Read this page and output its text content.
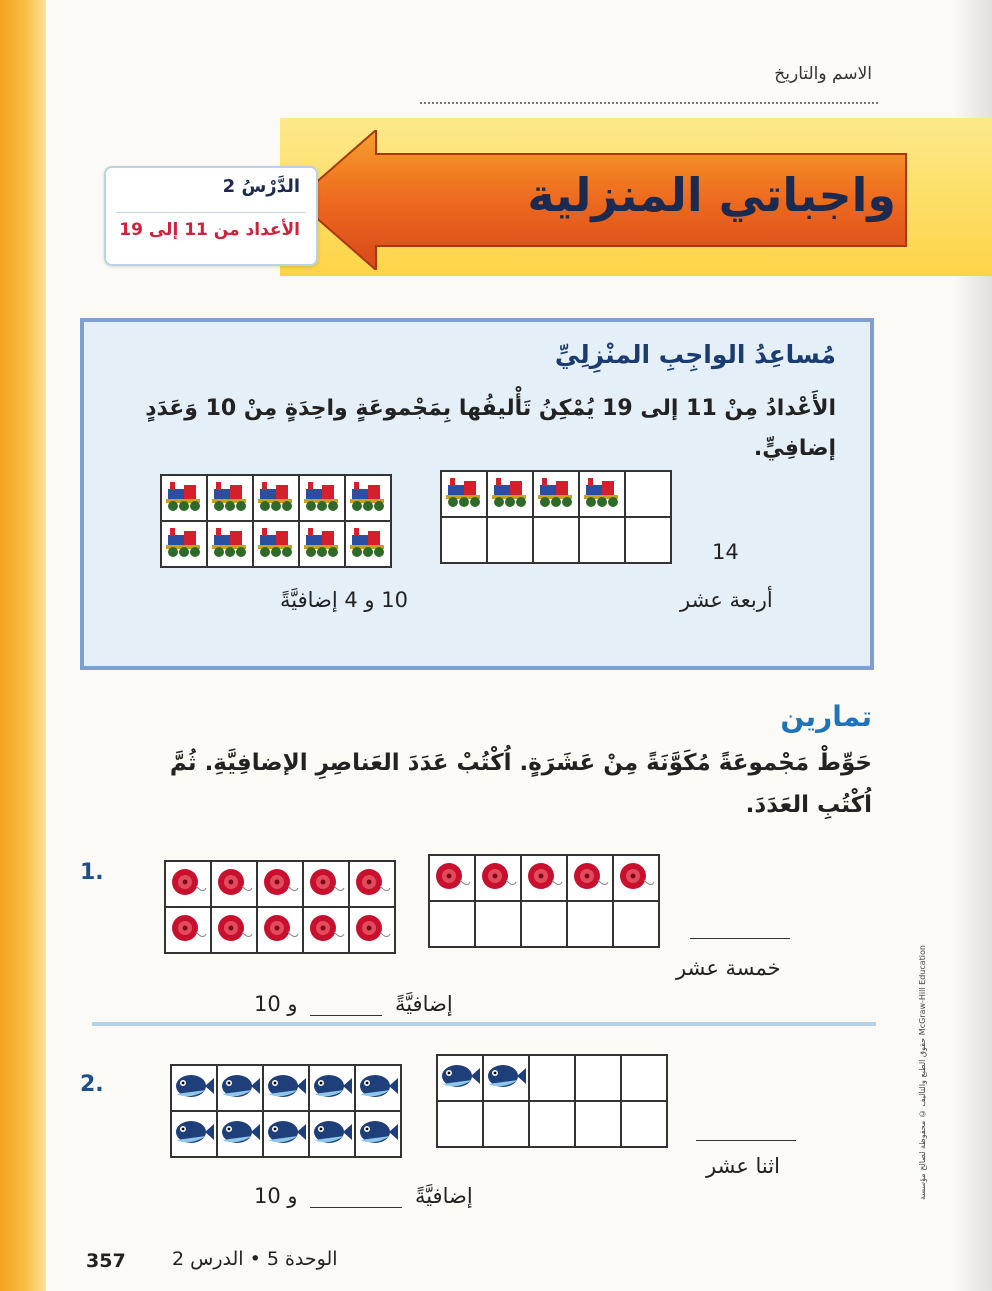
الاسم والتاريخ
واجباتي المنزلية
الدَّرْسُ 2
الأعداد من 11 إلى 19
مُساعِدُ الواجِبِ المنْزِلِيِّ
الأَعْدادُ مِنْ 11 إلى 19 يُمْكِنُ تَأْليفُها بِمَجْموعَةٍ واحِدَةٍ مِنْ 10 وَعَدَدٍ
إضافِيٍّ.
14
أربعة عشر
10 و 4 إضافيَّةً
تمارين
حَوِّطْ مَجْموعَةً مُكَوَّنَةً مِنْ عَشَرَةٍ. اُكْتُبْ عَدَدَ العَناصِرِ الإضافِيَّةِ. ثُمَّ
اُكْتُبِ العَدَدَ.
1.
خمسة عشر
إضافيَّةً  و 10
2.
اثنا عشر
إضافيَّةً  و 10
357 الوحدة 5 • الدرس 2
حقوق الطبع والتأليف © محفوظة لصالح مؤسسة McGraw-Hill Education
